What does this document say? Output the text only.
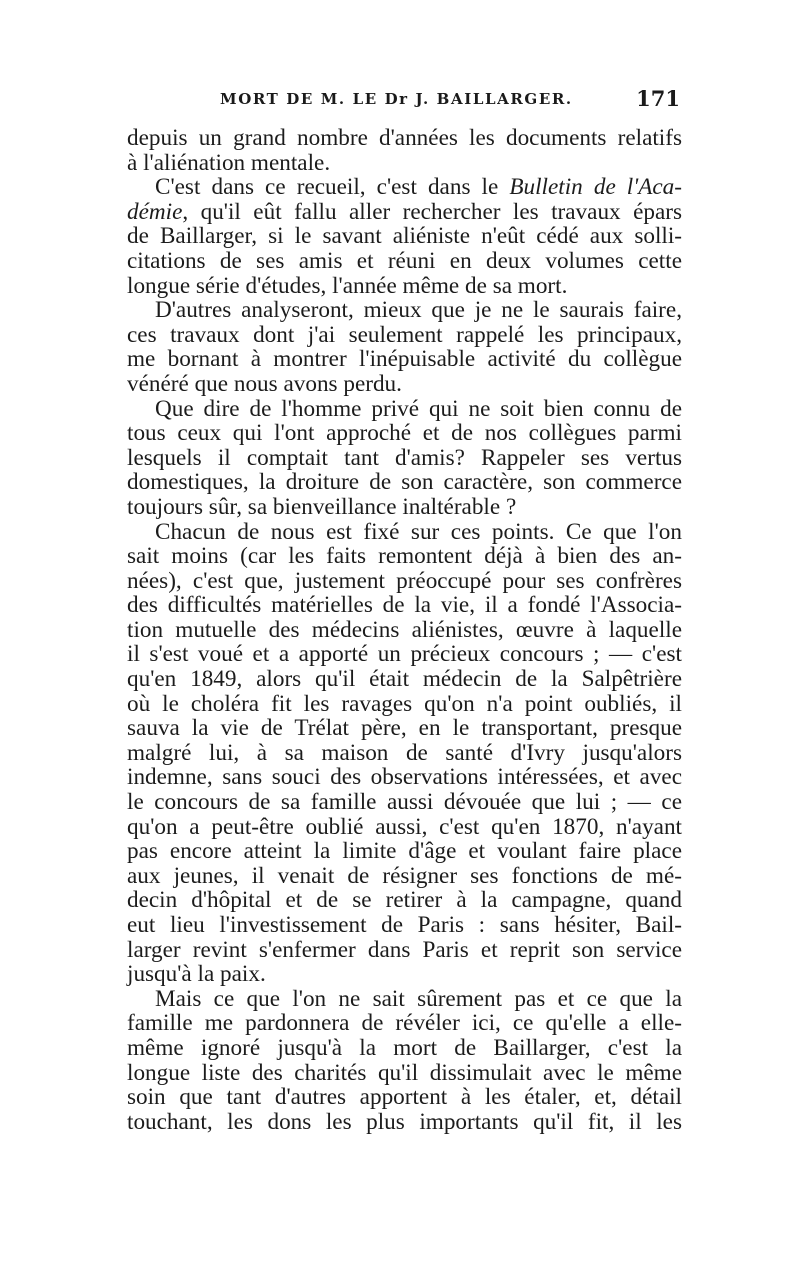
MORT DE M. LE Dr J. BAILLARGER.	171
depuis un grand nombre d'années les documents relatifs
à l'aliénation mentale.
C'est dans ce recueil, c'est dans le Bulletin de l'Aca-
démie, qu'il eût fallu aller rechercher les travaux épars
de Baillarger, si le savant aliéniste n'eût cédé aux solli-
citations de ses amis et réuni en deux volumes cette
longue série d'études, l'année même de sa mort.
D'autres analyseront, mieux que je ne le saurais faire,
ces travaux dont j'ai seulement rappelé les principaux,
me bornant à montrer l'inépuisable activité du collègue
vénéré que nous avons perdu.
Que dire de l'homme privé qui ne soit bien connu de
tous ceux qui l'ont approché et de nos collègues parmi
lesquels il comptait tant d'amis? Rappeler ses vertus
domestiques, la droiture de son caractère, son commerce
toujours sûr, sa bienveillance inaltérable ?
Chacun de nous est fixé sur ces points. Ce que l'on
sait moins (car les faits remontent déjà à bien des an-
nées), c'est que, justement préoccupé pour ses confrères
des difficultés matérielles de la vie, il a fondé l'Associa-
tion mutuelle des médecins aliénistes, œuvre à laquelle
il s'est voué et a apporté un précieux concours ; — c'est
qu'en 1849, alors qu'il était médecin de la Salpêtrière
où le choléra fit les ravages qu'on n'a point oubliés, il
sauva la vie de Trélat père, en le transportant, presque
malgré lui, à sa maison de santé d'Ivry jusqu'alors
indemne, sans souci des observations intéressées, et avec
le concours de sa famille aussi dévouée que lui ; — ce
qu'on a peut-être oublié aussi, c'est qu'en 1870, n'ayant
pas encore atteint la limite d'âge et voulant faire place
aux jeunes, il venait de résigner ses fonctions de mé-
decin d'hôpital et de se retirer à la campagne, quand
eut lieu l'investissement de Paris : sans hésiter, Bail-
larger revint s'enfermer dans Paris et reprit son service
jusqu'à la paix.
Mais ce que l'on ne sait sûrement pas et ce que la
famille me pardonnera de révéler ici, ce qu'elle a elle-
même ignoré jusqu'à la mort de Baillarger, c'est la
longue liste des charités qu'il dissimulait avec le même
soin que tant d'autres apportent à les étaler, et, détail
touchant, les dons les plus importants qu'il fit, il les
